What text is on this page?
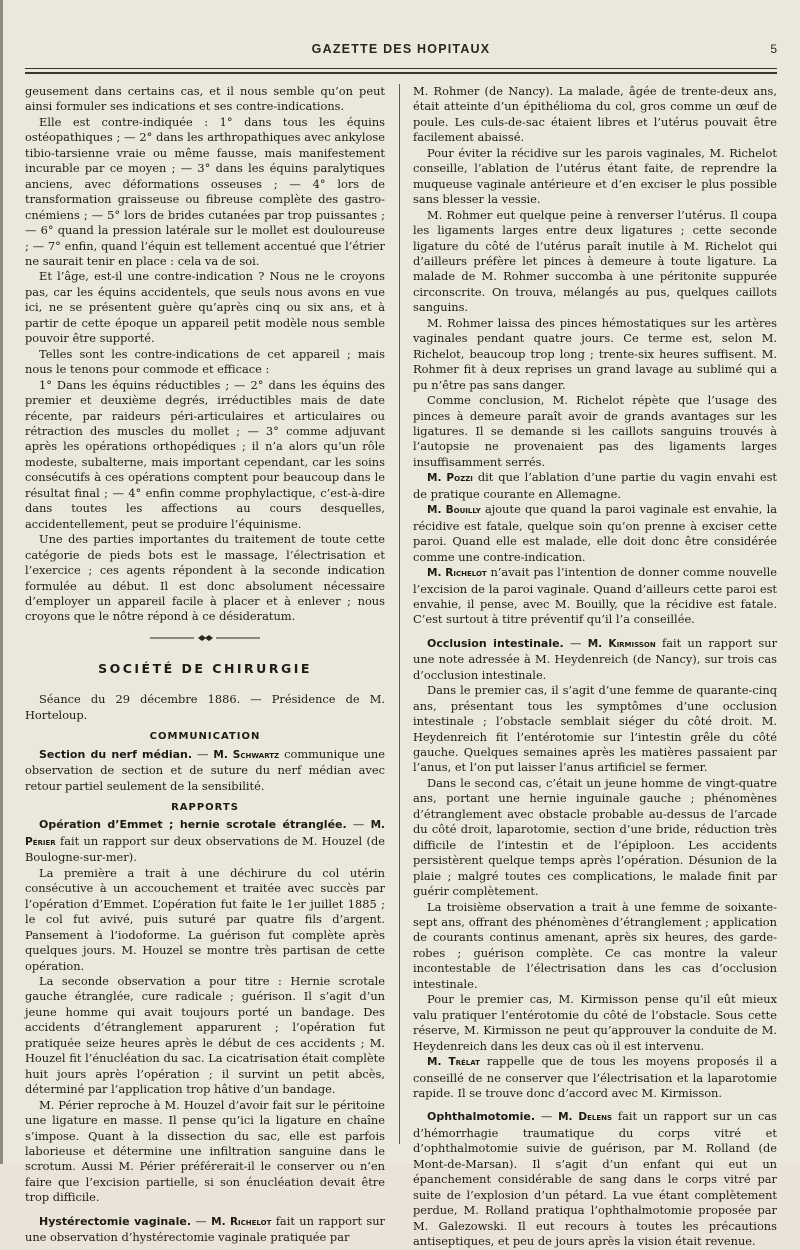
GAZETTE DES HOPITAUX	5

geusement dans certains cas, et il nous semble qu’on peut ainsi formuler ses indications et ses contre-indications.

Elle est contre-indiquée : 1° dans tous les équins ostéopathiques ; — 2° dans les arthropathiques avec ankylose tibio-tarsienne vraie ou même fausse, mais manifestement incurable par ce moyen ; — 3° dans les équins paralytiques anciens, avec déformations osseuses ; — 4° lors de transformation graisseuse ou fibreuse complète des gastro-cnémiens ; — 5° lors de brides cutanées par trop puissantes ; — 6° quand la pression latérale sur le mollet est douloureuse ; — 7° enfin, quand l’équin est tellement accentué que l’étrier ne saurait tenir en place : cela va de soi.

Et l’âge, est-il une contre-indication ? Nous ne le croyons pas, car les équins accidentels, que seuls nous avons en vue ici, ne se présentent guère qu’après cinq ou six ans, et à partir de cette époque un appareil petit modèle nous semble pouvoir être supporté.

Telles sont les contre-indications de cet appareil ; mais nous le tenons pour commode et efficace :

1° Dans les équins réductibles ; — 2° dans les équins des premier et deuxième degrés, irréductibles mais de date récente, par raideurs péri-articulaires et articulaires ou rétraction des muscles du mollet ; — 3° comme adjuvant après les opérations orthopédiques ; il n’a alors qu’un rôle modeste, subalterne, mais important cependant, car les soins consécutifs à ces opérations comptent pour beaucoup dans le résultat final ; — 4° enfin comme prophylactique, c’est-à-dire dans toutes les affections au cours desquelles, accidentellement, peut se produire l’équinisme.

Une des parties importantes du traitement de toute cette catégorie de pieds bots est le massage, l’électrisation et l’exercice ; ces agents répondent à la seconde indication formulée au début. Il est donc absolument nécessaire d’employer un appareil facile à placer et à enlever ; nous croyons que le nôtre répond à ce désideratum.

SOCIÉTÉ DE CHIRURGIE

Séance du 29 décembre 1886. — Présidence de M. Horteloup.

COMMUNICATION

Section du nerf médian. — M. Schwartz communique une observation de section et de suture du nerf médian avec retour partiel seulement de la sensibilité.

RAPPORTS

Opération d’Emmet ; hernie scrotale étranglée. — M. Périer fait un rapport sur deux observations de M. Houzel (de Boulogne-sur-mer).

La première a trait à une déchirure du col utérin consécutive à un accouchement et traitée avec succès par l’opération d’Emmet. L’opération fut faite le 1er juillet 1885 ; le col fut avivé, puis suturé par quatre fils d’argent. Pansement à l’iodoforme. La guérison fut complète après quelques jours. M. Houzel se montre très partisan de cette opération.

La seconde observation a pour titre : Hernie scrotale gauche étranglée, cure radicale ; guérison. Il s’agit d’un jeune homme qui avait toujours porté un bandage. Des accidents d’étranglement apparurent ; l’opération fut pratiquée seize heures après le début de ces accidents ; M. Houzel fit l’énucléation du sac. La cicatrisation était complète huit jours après l’opération ; il survint un petit abcès, déterminé par l’application trop hâtive d’un bandage.

M. Périer reproche à M. Houzel d’avoir fait sur le péritoine une ligature en masse. Il pense qu’ici la ligature en chaîne s’impose. Quant à la dissection du sac, elle est parfois laborieuse et détermine une infiltration sanguine dans le scrotum. Aussi M. Périer préférerait-il le conserver ou n’en faire que l’excision partielle, si son énucléation devait être trop difficile.

Hystérectomie vaginale. — M. Richelot fait un rapport sur une observation d’hystérectomie vaginale pratiquée par

M. Rohmer (de Nancy). La malade, âgée de trente-deux ans, était atteinte d’un épithélioma du col, gros comme un œuf de poule. Les culs-de-sac étaient libres et l’utérus pouvait être facilement abaissé.

Pour éviter la récidive sur les parois vaginales, M. Richelot conseille, l’ablation de l’utérus étant faite, de reprendre la muqueuse vaginale antérieure et d’en exciser le plus possible sans blesser la vessie.

M. Rohmer eut quelque peine à renverser l’utérus. Il coupa les ligaments larges entre deux ligatures ; cette seconde ligature du côté de l’utérus paraît inutile à M. Richelot qui d’ailleurs préfère let pinces à demeure à toute ligature. La malade de M. Rohmer succomba à une péritonite suppurée circonscrite. On trouva, mélangés au pus, quelques caillots sanguins.

M. Rohmer laissa des pinces hémostatiques sur les artères vaginales pendant quatre jours. Ce terme est, selon M. Richelot, beaucoup trop long ; trente-six heures suffisent. M. Rohmer fit à deux reprises un grand lavage au sublimé qui a pu n’être pas sans danger.

Comme conclusion, M. Richelot répète que l’usage des pinces à demeure paraît avoir de grands avantages sur les ligatures. Il se demande si les caillots sanguins trouvés à l’autopsie ne provenaient pas des ligaments larges insuffisamment serrés.

M. Pozzi dit que l’ablation d’une partie du vagin envahi est de pratique courante en Allemagne.

M. Bouilly ajoute que quand la paroi vaginale est envahie, la récidive est fatale, quelque soin qu’on prenne à exciser cette paroi. Quand elle est malade, elle doit donc être considérée comme une contre-indication.

M. Richelot n’avait pas l’intention de donner comme nouvelle l’excision de la paroi vaginale. Quand d’ailleurs cette paroi est envahie, il pense, avec M. Bouilly, que la récidive est fatale. C’est surtout à titre préventif qu’il l’a conseillée.

Occlusion intestinale. — M. Kirmisson fait un rapport sur une note adressée à M. Heydenreich (de Nancy), sur trois cas d’occlusion intestinale.

Dans le premier cas, il s’agit d’une femme de quarante-cinq ans, présentant tous les symptômes d’une occlusion intestinale ; l’obstacle semblait siéger du côté droit. M. Heydenreich fit l’entérotomie sur l’intestin grêle du côté gauche. Quelques semaines après les matières passaient par l’anus, et l’on put laisser l’anus artificiel se fermer.

Dans le second cas, c’était un jeune homme de vingt-quatre ans, portant une hernie inguinale gauche ; phénomènes d’étranglement avec obstacle probable au-dessus de l’arcade du côté droit, laparotomie, section d’une bride, réduction très difficile de l’intestin et de l’épiploon. Les accidents persistèrent quelque temps après l’opération. Désunion de la plaie ; malgré toutes ces complications, le malade finit par guérir complètement.

La troisième observation a trait à une femme de soixante-sept ans, offrant des phénomènes d’étranglement ; application de courants continus amenant, après six heures, des garde-robes ; guérison complète. Ce cas montre la valeur incontestable de l’électrisation dans les cas d’occlusion intestinale.

Pour le premier cas, M. Kirmisson pense qu’il eût mieux valu pratiquer l’entérotomie du côté de l’obstacle. Sous cette réserve, M. Kirmisson ne peut qu’approuver la conduite de M. Heydenreich dans les deux cas où il est intervenu.

M. Trélat rappelle que de tous les moyens proposés il a conseillé de ne conserver que l’électrisation et la laparotomie rapide. Il se trouve donc d’accord avec M. Kirmisson.

Ophthalmotomie. — M. Delens fait un rapport sur un cas d’hémorrhagie traumatique du corps vitré et d’ophthalmotomie suivie de guérison, par M. Rolland (de Mont-de-Marsan). Il s’agit d’un enfant qui eut un épanchement considérable de sang dans le corps vitré par suite de l’explosion d’un pétard. La vue étant complètement perdue, M. Rolland pratiqua l’ophthalmotomie proposée par M. Galezowski. Il eut recours à toutes les précautions antiseptiques, et peu de jours après la vision était revenue.
